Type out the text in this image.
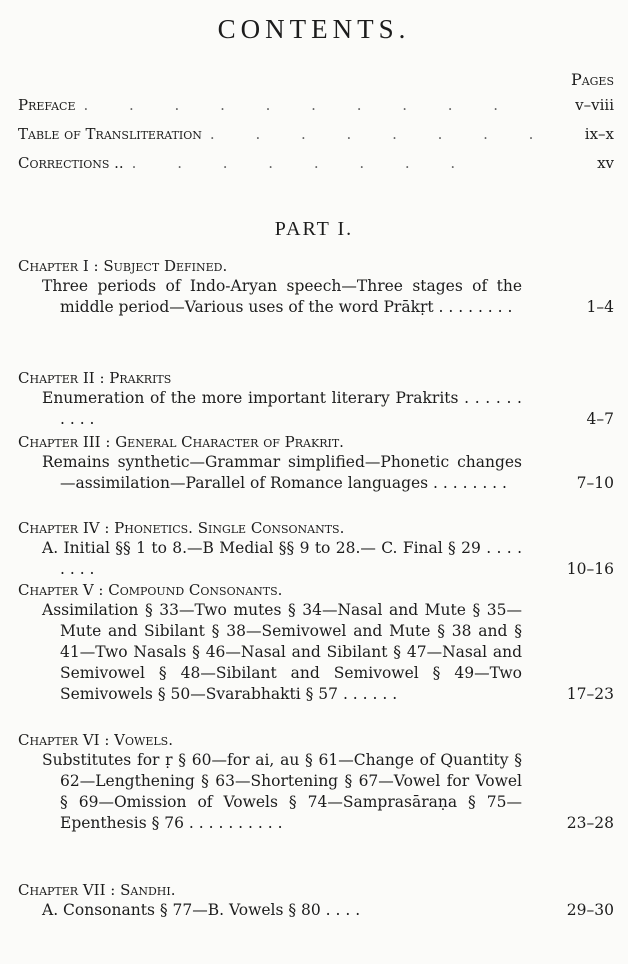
CONTENTS.
Pages
Preface . . . . . . . . . .	v–viii
Table of Transliteration . . . . . . . .	ix–x
Corrections .. . . . . . . . .	xv
PART I.
Chapter I : Subject Defined.
Three periods of Indo-Aryan speech—Three stages of the middle period—Various uses of the word Prākṛt . . . . . . . .	1–4
Chapter II : Prakrits
Enumeration of the more important literary Prakrits . . . . . . . . . .	4–7
Chapter III : General Character of Prakrit.
Remains synthetic—Grammar simplified—Phonetic changes—assimilation—Parallel of Romance languages . . . . . . . .	7–10
Chapter IV : Phonetics. Single Consonants.
A. Initial §§ 1 to 8.—B Medial §§ 9 to 28.— C. Final § 29 . . . . . . . .	10–16
Chapter V : Compound Consonants.
Assimilation § 33—Two mutes § 34—Nasal and Mute § 35—Mute and Sibilant § 38—Semivowel and Mute § 38 and § 41—Two Nasals § 46—Nasal and Sibilant § 47—Nasal and Semivowel § 48—Sibilant and Semivowel § 49—Two Semivowels § 50—Svarabhakti § 57 . . . . . .	17–23
Chapter VI : Vowels.
Substitutes for ṛ § 60—for ai, au § 61—Change of Quantity § 62—Lengthening § 63—Shortening § 67—Vowel for Vowel § 69—Omission of Vowels § 74—Samprasāraṇa § 75—Epenthesis § 76 . . . . . . . . . .	23–28
Chapter VII : Sandhi.
A. Consonants § 77—B. Vowels § 80 . . . .	29–30
